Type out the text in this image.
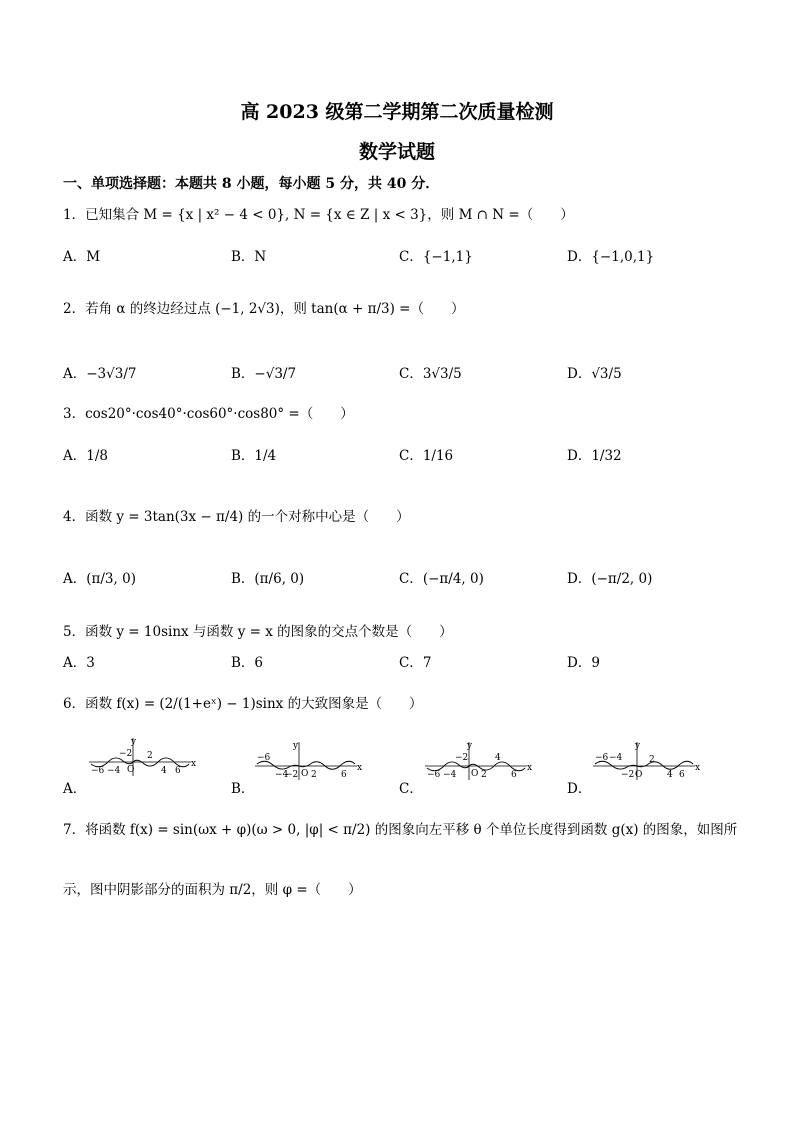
高 2023 级第二学期第二次质量检测
数学试题
一、单项选择题：本题共 8 小题，每小题 5 分，共 40 分．
1．已知集合 M = {x | x² − 4 < 0}, N = {x ∈ Z | x < 3}，则 M ∩ N =（　　）
A．M	B．N	C．{−1,1}	D．{−1,0,1}
2．若角 α 的终边经过点 (−1, 2√3)，则 tan(α + π/3) =（　　）
A．−3√3/7	B．−√3/7	C．3√3/5	D．√3/5
3．cos20°·cos40°·cos60°·cos80° =（　　）
A．1/8	B．1/4	C．1/16	D．1/32
4．函数 y = 3tan(3x − π/4) 的一个对称中心是（　　）
A．(π/3, 0)	B．(π/6, 0)	C．(−π/4, 0)	D．(−π/2, 0)
5．函数 y = 10sinx 与函数 y = x 的图象的交点个数是（　　）
A．3	B．6	C．7	D．9
6．函数 f(x) = (2/(1+eˣ) − 1)sinx 的大致图象是（　　）
A．	B．	C．	D．
y
x
O
−6 −4
−2 2
4 6
y
x
O
−6
−4
−2 2	6
y
x
O
−6 −4
−2
2
4
6
y
x
O
−6 −4
−2
2
4 6
7．将函数 f(x) = sin(ωx + φ)(ω > 0, |φ| < π/2) 的图象向左平移 θ 个单位长度得到函数 g(x) 的图象，如图所
示，图中阴影部分的面积为 π/2，则 φ =（　　）
